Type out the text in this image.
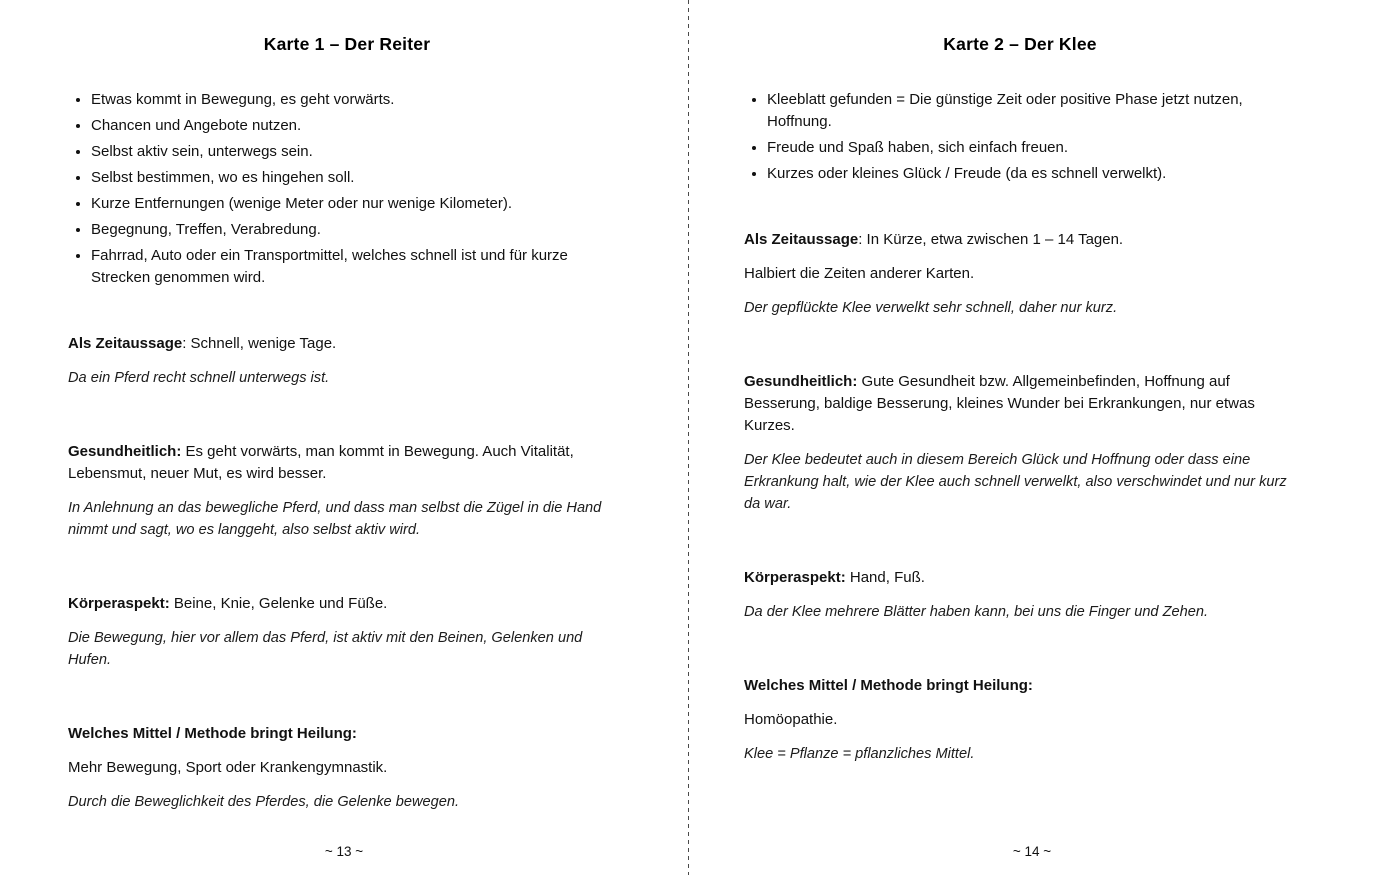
Karte 1 – Der Reiter
• Etwas kommt in Bewegung, es geht vorwärts.
• Chancen und Angebote nutzen.
• Selbst aktiv sein, unterwegs sein.
• Selbst bestimmen, wo es hingehen soll.
• Kurze Entfernungen (wenige Meter oder nur wenige Kilometer).
• Begegnung, Treffen, Verabredung.
• Fahrrad, Auto oder ein Transportmittel, welches schnell ist und für kurze Strecken genommen wird.

Als Zeitaussage: Schnell, wenige Tage.

Da ein Pferd recht schnell unterwegs ist.

Gesundheitlich: Es geht vorwärts, man kommt in Bewegung. Auch Vitalität, Lebensmut, neuer Mut, es wird besser.

In Anlehnung an das bewegliche Pferd, und dass man selbst die Zügel in die Hand nimmt und sagt, wo es langgeht, also selbst aktiv wird.

Körperaspekt: Beine, Knie, Gelenke und Füße.

Die Bewegung, hier vor allem das Pferd, ist aktiv mit den Beinen, Gelenken und Hufen.

Welches Mittel / Methode bringt Heilung:

Mehr Bewegung, Sport oder Krankengymnastik.

Durch die Beweglichkeit des Pferdes, die Gelenke bewegen.

~ 13 ~
Karte 2 – Der Klee
• Kleeblatt gefunden = Die günstige Zeit oder positive Phase jetzt nutzen, Hoffnung.
• Freude und Spaß haben, sich einfach freuen.
• Kurzes oder kleines Glück / Freude (da es schnell verwelkt).

Als Zeitaussage: In Kürze, etwa zwischen 1 – 14 Tagen.

Halbiert die Zeiten anderer Karten.

Der gepflückte Klee verwelkt sehr schnell, daher nur kurz.

Gesundheitlich: Gute Gesundheit bzw. Allgemeinbefinden, Hoffnung auf Besserung, baldige Besserung, kleines Wunder bei Erkrankungen, nur etwas Kurzes.

Der Klee bedeutet auch in diesem Bereich Glück und Hoffnung oder dass eine Erkrankung halt, wie der Klee auch schnell verwelkt, also verschwindet und nur kurz da war.

Körperaspekt: Hand, Fuß.

Da der Klee mehrere Blätter haben kann, bei uns die Finger und Zehen.

Welches Mittel / Methode bringt Heilung:

Homöopathie.

Klee = Pflanze = pflanzliches Mittel.

~ 14 ~
